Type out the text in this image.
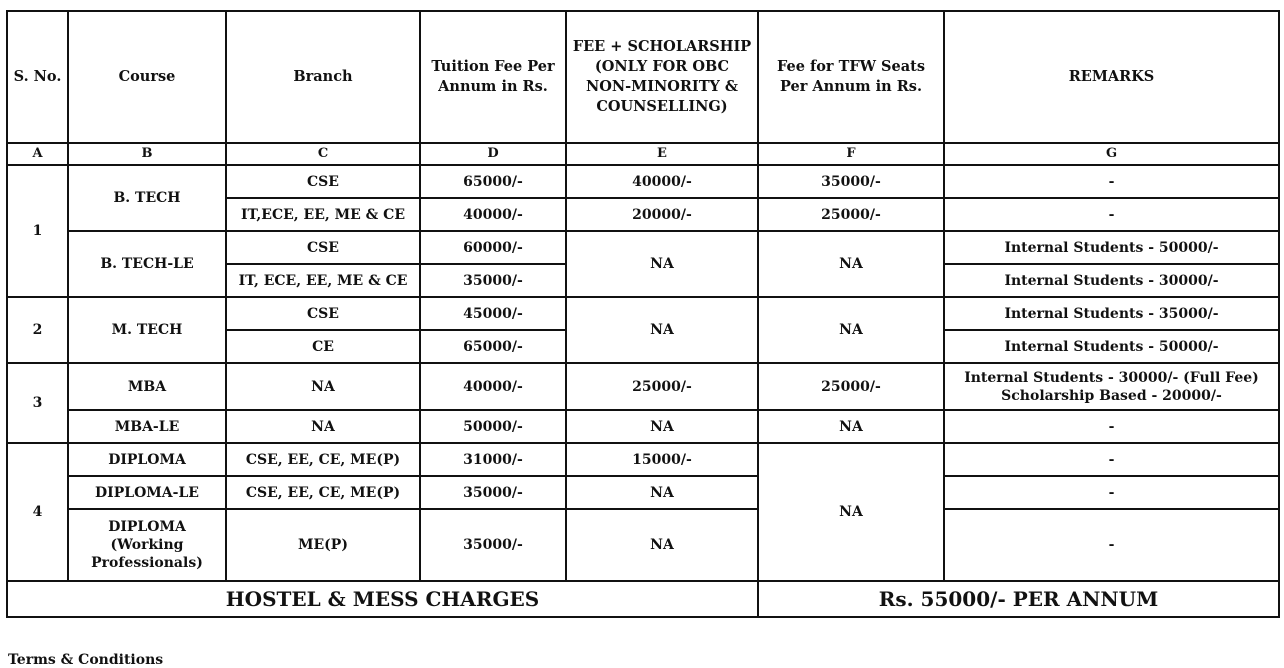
S. No.	Course	Branch	Tuition Fee Per Annum in Rs.	FEE + SCHOLARSHIP (ONLY FOR OBC NON-MINORITY & COUNSELLING)	Fee for TFW Seats Per Annum in Rs.	REMARKS
A	B	C	D	E	F	G
1	B. TECH	CSE	65000/-	40000/-	35000/-	-
		IT,ECE, EE, ME & CE	40000/-	20000/-	25000/-	-
	B. TECH-LE	CSE	60000/-	NA	NA	Internal Students - 50000/-
		IT, ECE, EE, ME & CE	35000/-			Internal Students - 30000/-
2	M. TECH	CSE	45000/-	NA	NA	Internal Students - 35000/-
		CE	65000/-			Internal Students - 50000/-
3	MBA	NA	40000/-	25000/-	25000/-	Internal Students - 30000/- (Full Fee)
Scholarship Based - 20000/-

	MBA-LE	NA	50000/-	NA	NA	-
4	DIPLOMA	CSE, EE, CE, ME(P)	31000/-	15000/-	NA	-
	DIPLOMA-LE	CSE, EE, CE, ME(P)	35000/-	NA		-

	DIPLOMA
(Working
Professionals)	ME(P)	35000/-	NA		-
HOSTEL & MESS CHARGES					Rs. 55000/- PER ANNUM	
Terms & Conditions
